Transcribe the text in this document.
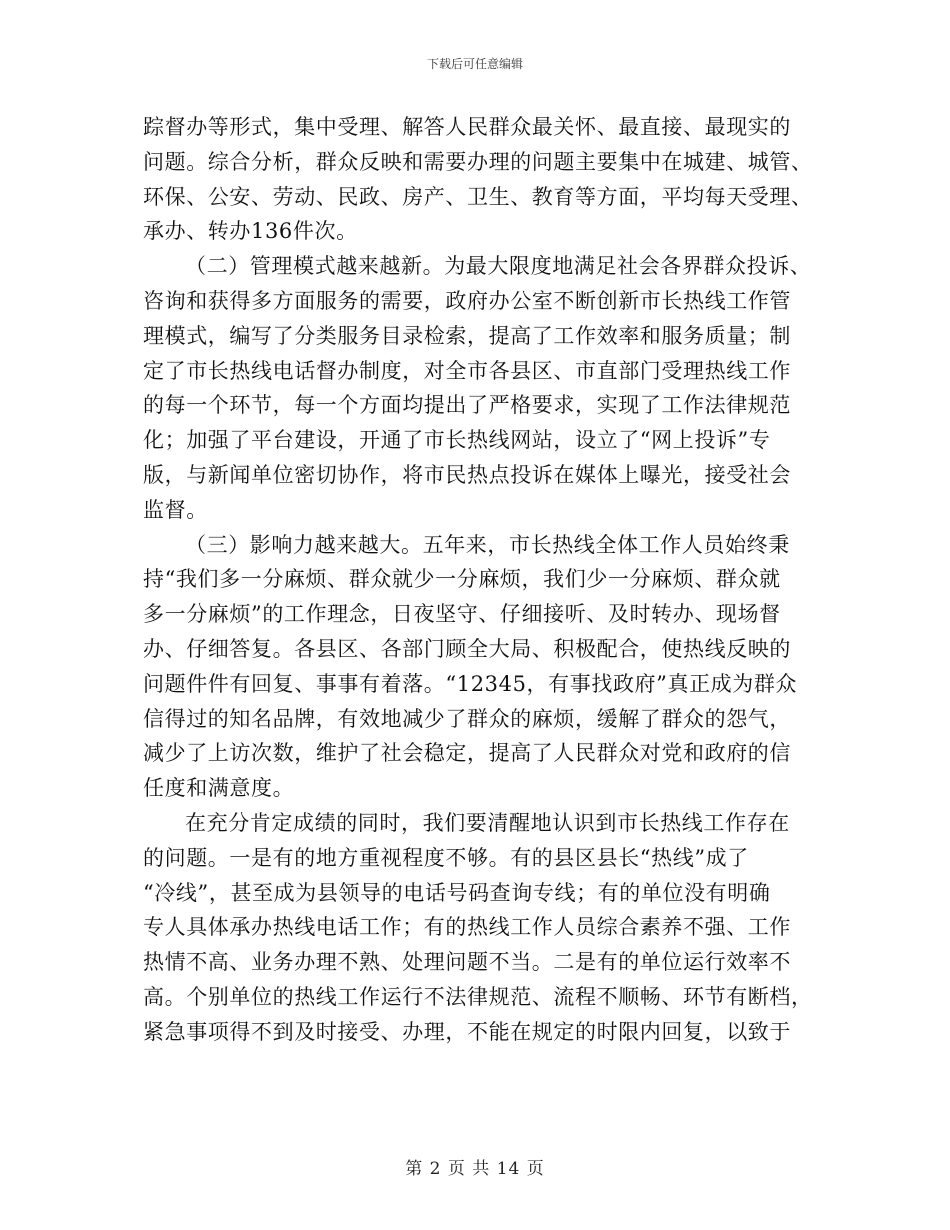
下载后可任意编辑
踪督办等形式，集中受理、解答人民群众最关怀、最直接、最现实的
问题。综合分析，群众反映和需要办理的问题主要集中在城建、城管、
环保、公安、劳动、民政、房产、卫生、教育等方面，平均每天受理、
承办、转办136件次。
（二）管理模式越来越新。为最大限度地满足社会各界群众投诉、
咨询和获得多方面服务的需要，政府办公室不断创新市长热线工作管
理模式，编写了分类服务目录检索，提高了工作效率和服务质量；制
定了市长热线电话督办制度，对全市各县区、市直部门受理热线工作
的每一个环节，每一个方面均提出了严格要求，实现了工作法律规范
化；加强了平台建设，开通了市长热线网站，设立了“网上投诉”专
版，与新闻单位密切协作，将市民热点投诉在媒体上曝光，接受社会
监督。
（三）影响力越来越大。五年来，市长热线全体工作人员始终秉
持“我们多一分麻烦、群众就少一分麻烦，我们少一分麻烦、群众就
多一分麻烦”的工作理念，日夜坚守、仔细接听、及时转办、现场督
办、仔细答复。各县区、各部门顾全大局、积极配合，使热线反映的
问题件件有回复、事事有着落。“12345，有事找政府”真正成为群众
信得过的知名品牌，有效地减少了群众的麻烦，缓解了群众的怨气，
减少了上访次数，维护了社会稳定，提高了人民群众对党和政府的信
任度和满意度。
在充分肯定成绩的同时，我们要清醒地认识到市长热线工作存在
的问题。一是有的地方重视程度不够。有的县区县长“热线”成了
“冷线”，甚至成为县领导的电话号码查询专线；有的单位没有明确
专人具体承办热线电话工作；有的热线工作人员综合素养不强、工作
热情不高、业务办理不熟、处理问题不当。二是有的单位运行效率不
高。个别单位的热线工作运行不法律规范、流程不顺畅、环节有断档，
紧急事项得不到及时接受、办理，不能在规定的时限内回复，以致于
第 2 页 共 14 页
